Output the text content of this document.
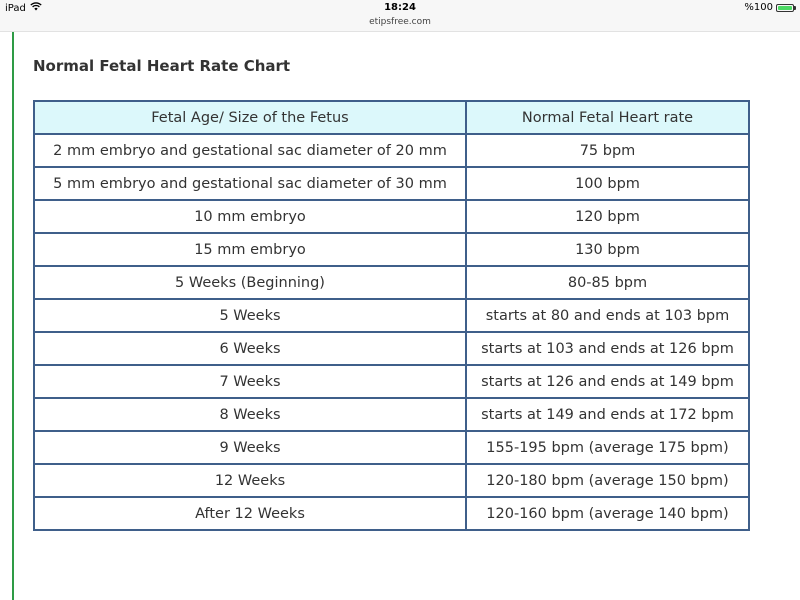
iPad	18:24	%100
etipsfree.com
Normal Fetal Heart Rate Chart
Fetal Age/ Size of the Fetus	Normal Fetal Heart rate
2 mm embryo and gestational sac diameter of 20 mm	75 bpm
5 mm embryo and gestational sac diameter of 30 mm	100 bpm
10 mm embryo	120 bpm
15 mm embryo	130 bpm
5 Weeks (Beginning)	80-85 bpm
5 Weeks	starts at 80 and ends at 103 bpm
6 Weeks	starts at 103 and ends at 126 bpm
7 Weeks	starts at 126 and ends at 149 bpm
8 Weeks	starts at 149 and ends at 172 bpm
9 Weeks	155-195 bpm (average 175 bpm)
12 Weeks	120-180 bpm (average 150 bpm)
After 12 Weeks	120-160 bpm (average 140 bpm)
